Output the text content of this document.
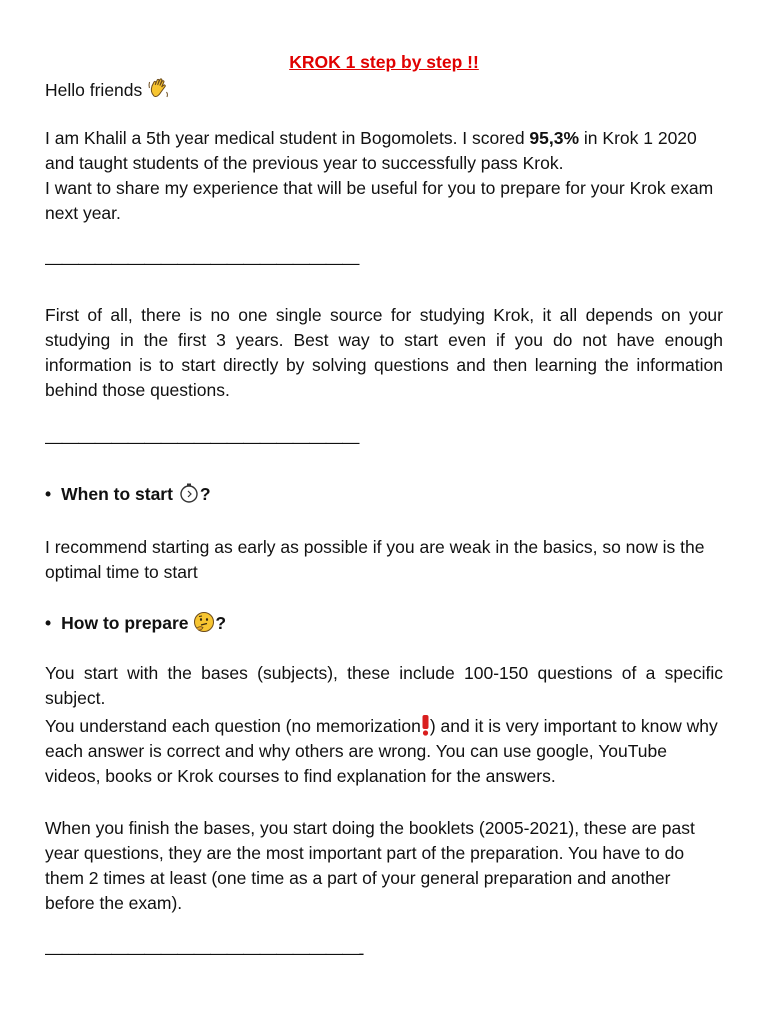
KROK 1 step by step !!

Hello friends

I am Khalil a 5th year medical student in Bogomolets. I scored 95,3% in Krok 1 2020 and taught students of the previous year to successfully pass Krok.

I want to share my experience that will be useful for you to prepare for your Krok exam next year.

———————————————————

First of all, there is no one single source for studying Krok, it all depends on your studying in the first 3 years. Best way to start even if you do not have enough information is to start directly by solving questions and then learning the information behind those questions.

———————————————————

• When to start ?

I recommend starting as early as possible if you are weak in the basics, so now is the optimal time to start

• How to prepare ?

You start with the bases (subjects), these include 100-150 questions of a specific subject.

You understand each question (no memorization ) and it is very important to know why each answer is correct and why others are wrong. You can use google, YouTube videos, books or Krok courses to find explanation for the answers.

When you finish the bases, you start doing the booklets (2005-2021), these are past year questions, they are the most important part of the preparation. You have to do them 2 times at least (one time as a part of your general preparation and another before the exam).

———————————————————-
